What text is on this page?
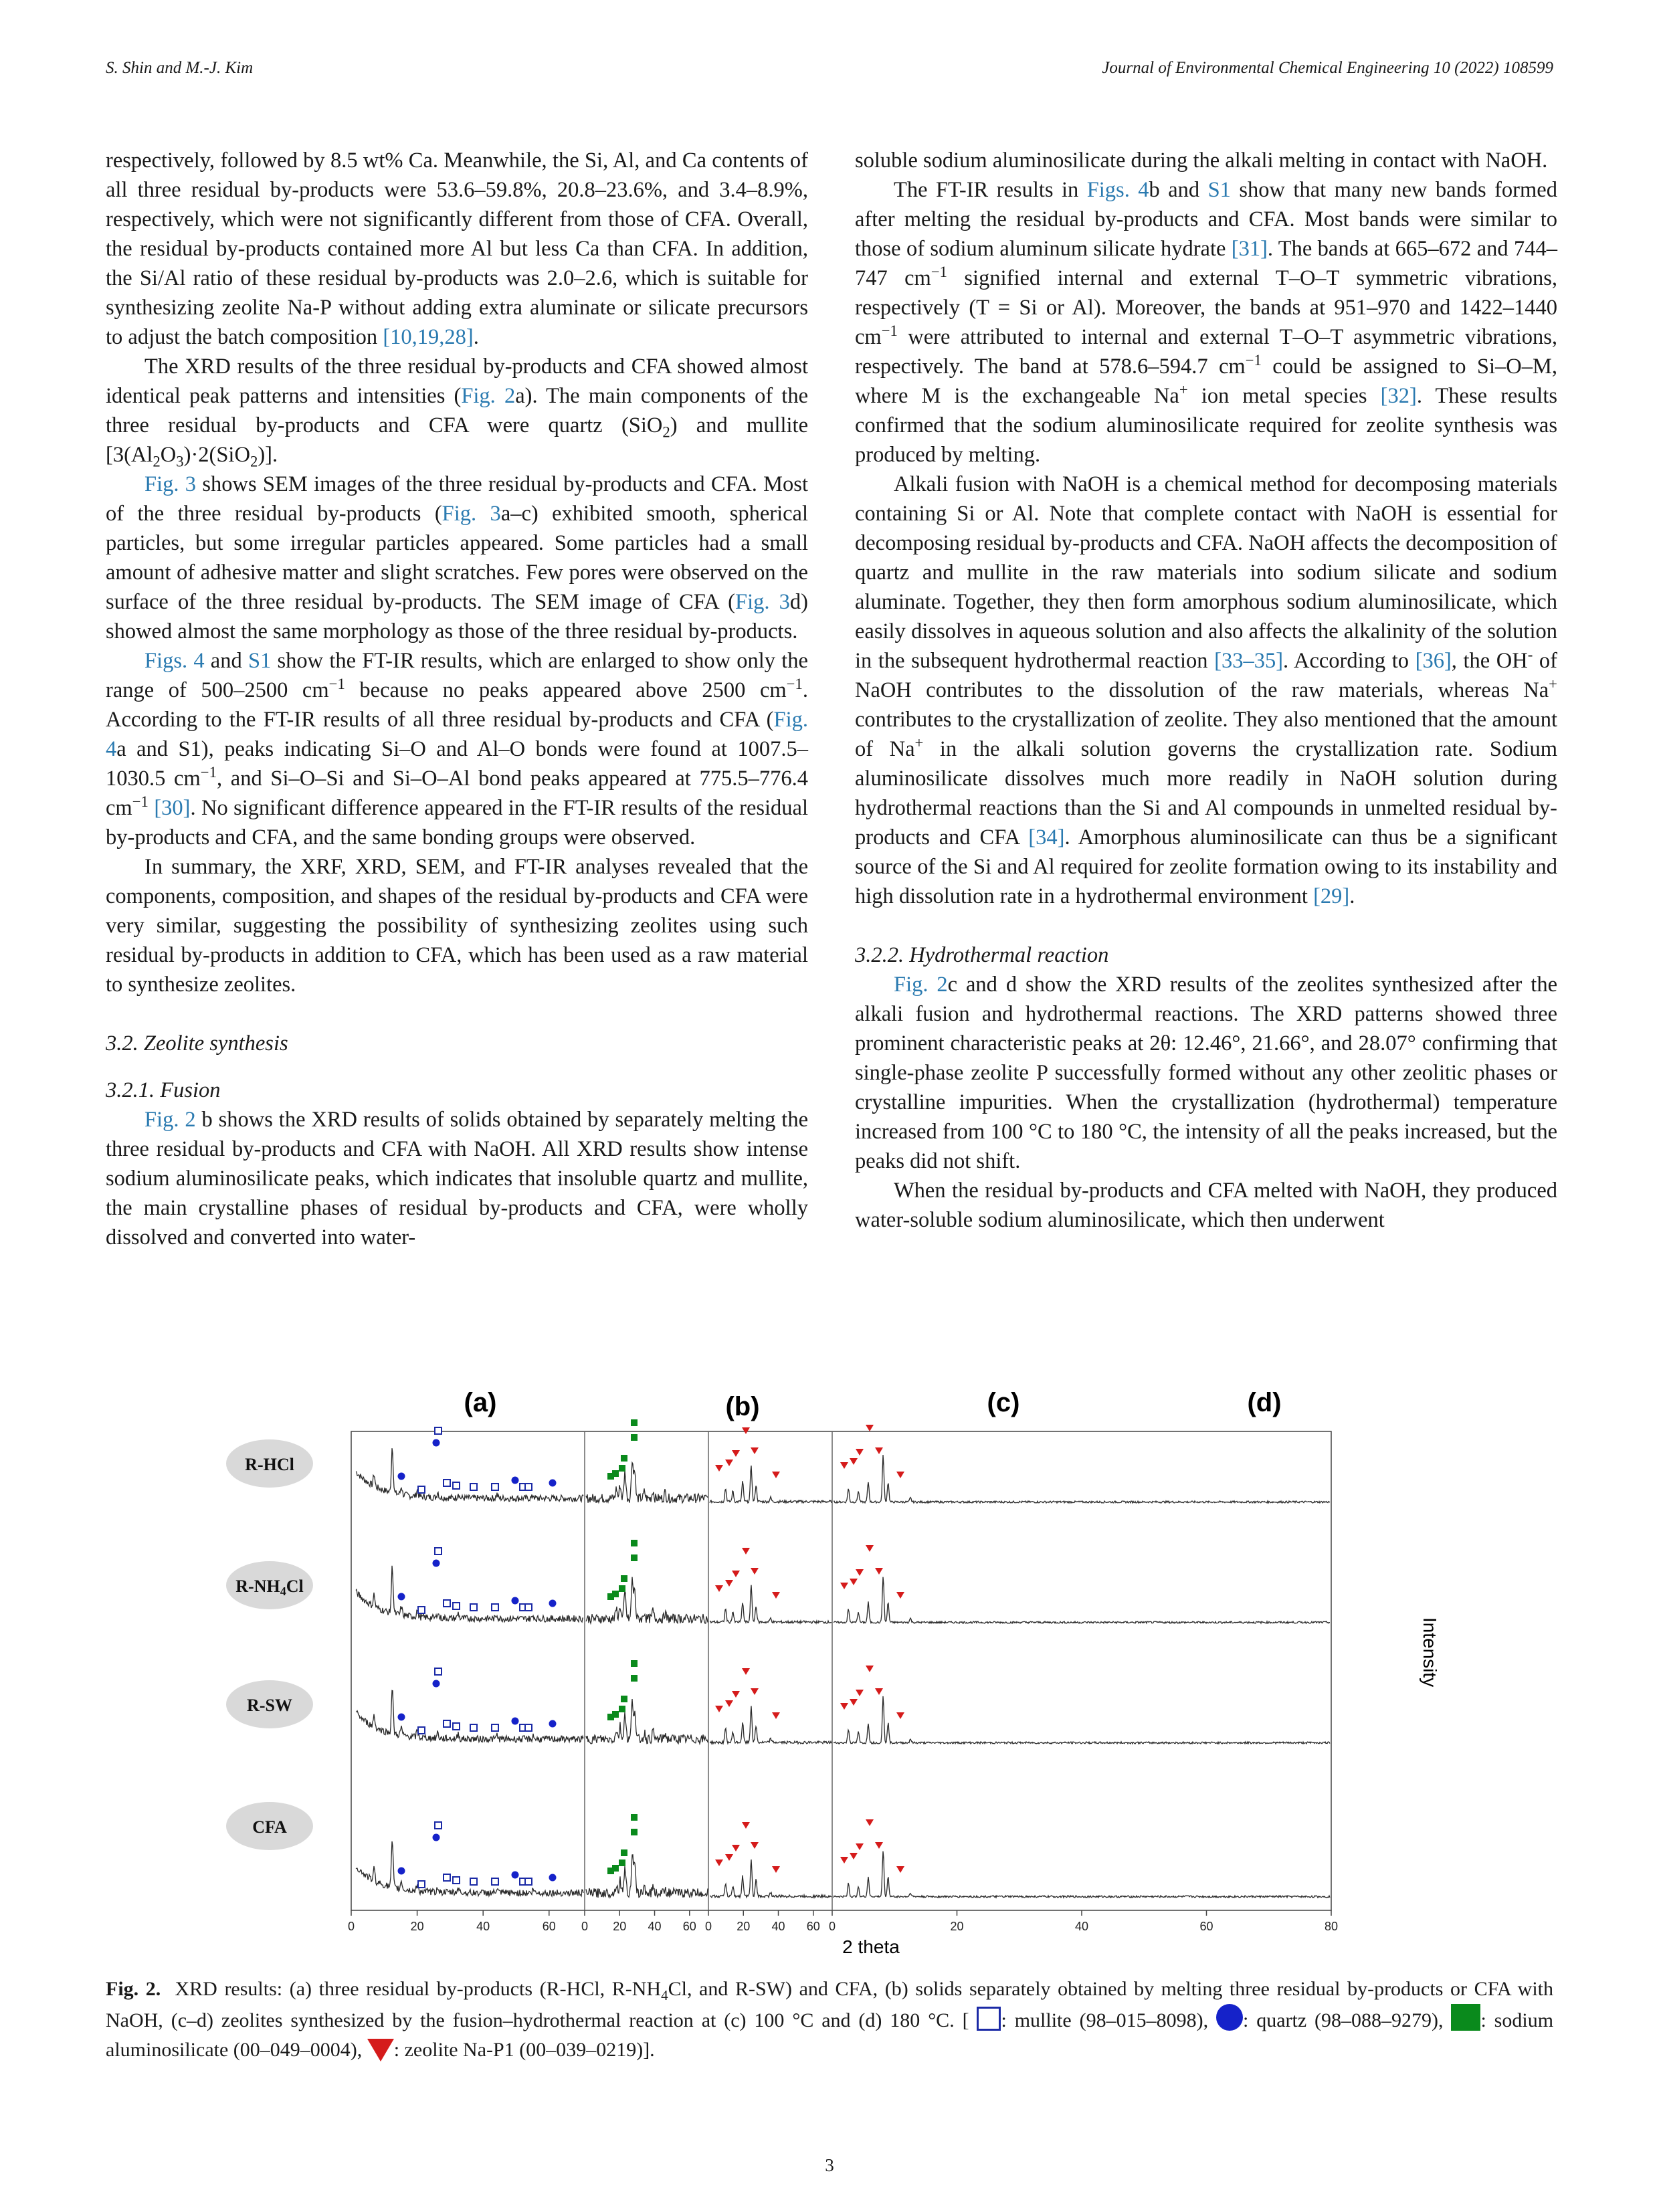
S. Shin and M.-J. Kim	Journal of Environmental Chemical Engineering 10 (2022) 108599

respectively, followed by 8.5 wt% Ca. Meanwhile, the Si, Al, and Ca contents of all three residual by-products were 53.6–59.8%, 20.8–23.6%, and 3.4–8.9%, respectively, which were not significantly different from those of CFA. Overall, the residual by-products contained more Al but less Ca than CFA. In addition, the Si/Al ratio of these residual by-products was 2.0–2.6, which is suitable for synthesizing zeolite Na-P without adding extra aluminate or silicate precursors to adjust the batch composition [10,19,28].

The XRD results of the three residual by-products and CFA showed almost identical peak patterns and intensities (Fig. 2a). The main components of the three residual by-products and CFA were quartz (SiO$_2$) and mullite $[3(Al_2O_3)\cdot 2(SiO_2)]$.

Fig. 3 shows SEM images of the three residual by-products and CFA. Most of the three residual by-products (Fig. 3a–c) exhibited smooth, spherical particles, but some irregular particles appeared. Some particles had a small amount of adhesive matter and slight scratches. Few pores were observed on the surface of the three residual by-products. The SEM image of CFA (Fig. 3d) showed almost the same morphology as those of the three residual by-products.

Figs. 4 and S1 show the FT-IR results, which are enlarged to show only the range of 500–2500 $cm^{-1}$ because no peaks appeared above 2500 $cm^{-1}$. According to the FT-IR results of all three residual by-products and CFA (Fig. 4a and S1), peaks indicating Si–O and Al–O bonds were found at 1007.5–1030.5 $cm^{-1}$, and Si–O–Si and Si–O–Al bond peaks appeared at 775.5–776.4 $cm^{-1}$ [30]. No significant difference appeared in the FT-IR results of the residual by-products and CFA, and the same bonding groups were observed.

In summary, the XRF, XRD, SEM, and FT-IR analyses revealed that the components, composition, and shapes of the residual by-products and CFA were very similar, suggesting the possibility of synthesizing zeolites using such residual by-products in addition to CFA, which has been used as a raw material to synthesize zeolites.

3.2. Zeolite synthesis

3.2.1. Fusion

Fig. 2 b shows the XRD results of solids obtained by separately melting the three residual by-products and CFA with NaOH. All XRD results show intense sodium aluminosilicate peaks, which indicates that insoluble quartz and mullite, the main crystalline phases of residual by-products and CFA, were wholly dissolved and converted into water-

soluble sodium aluminosilicate during the alkali melting in contact with NaOH.

The FT-IR results in Figs. 4b and S1 show that many new bands formed after melting the residual by-products and CFA. Most bands were similar to those of sodium aluminum silicate hydrate [31]. The bands at 665–672 and 744–747 $cm^{-1}$ signified internal and external T–O–T symmetric vibrations, respectively (T = Si or Al). Moreover, the bands at 951–970 and 1422–1440 $cm^{-1}$ were attributed to internal and external T–O–T asymmetric vibrations, respectively. The band at 578.6–594.7 $cm^{-1}$ could be assigned to Si–O–M, where M is the exchangeable Na+ ion metal species [32]. These results confirmed that the sodium aluminosilicate required for zeolite synthesis was produced by melting.

Alkali fusion with NaOH is a chemical method for decomposing materials containing Si or Al. Note that complete contact with NaOH is essential for decomposing residual by-products and CFA. NaOH affects the decomposition of quartz and mullite in the raw materials into sodium silicate and sodium aluminate. Together, they then form amorphous sodium aluminosilicate, which easily dissolves in aqueous solution and also affects the alkalinity of the solution in the subsequent hydrothermal reaction [33–35]. According to [36], the OH- of NaOH contributes to the dissolution of the raw materials, whereas Na+ contributes to the crystallization of zeolite. They also mentioned that the amount of Na+ in the alkali solution governs the crystallization rate. Sodium aluminosilicate dissolves much more readily in NaOH solution during hydrothermal reactions than the Si and Al compounds in unmelted residual by-products and CFA [34]. Amorphous aluminosilicate can thus be a significant source of the Si and Al required for zeolite formation owing to its instability and high dissolution rate in a hydrothermal environment [29].

3.2.2. Hydrothermal reaction

Fig. 2c and d show the XRD results of the zeolites synthesized after the alkali fusion and hydrothermal reactions. The XRD patterns showed three prominent characteristic peaks at 2θ: 12.46°, 21.66°, and 28.07° confirming that single-phase zeolite P successfully formed without any other zeolitic phases or crystalline impurities. When the crystallization (hydrothermal) temperature increased from 100 °C to 180 °C, the intensity of all the peaks increased, but the peaks did not shift.

When the residual by-products and CFA melted with NaOH, they produced water-soluble sodium aluminosilicate, which then underwent

(a)	(b)	(c)	(d)
Intensity
2 theta
0	20	40	60 0 20 40 60 0 20 40 60 0	20	40	60	80
R-HCl
R-NH4Cl
R-SW
CFA
Fig. 2. XRD results: (a) three residual by-products (R-HCl, $R-NH_4Cl$, and R-SW) and CFA, (b) solids separately obtained by melting three residual by-products or CFA with NaOH, (c–d) zeolites synthesized by the fusion–hydrothermal reaction at (c) 100 °C and (d) 180 °C. [ : mullite (98–015–8098), : quartz (98–088–9279), : sodium aluminosilicate (00–049–0004), : zeolite Na-P1 (00–039–0219)].
3
